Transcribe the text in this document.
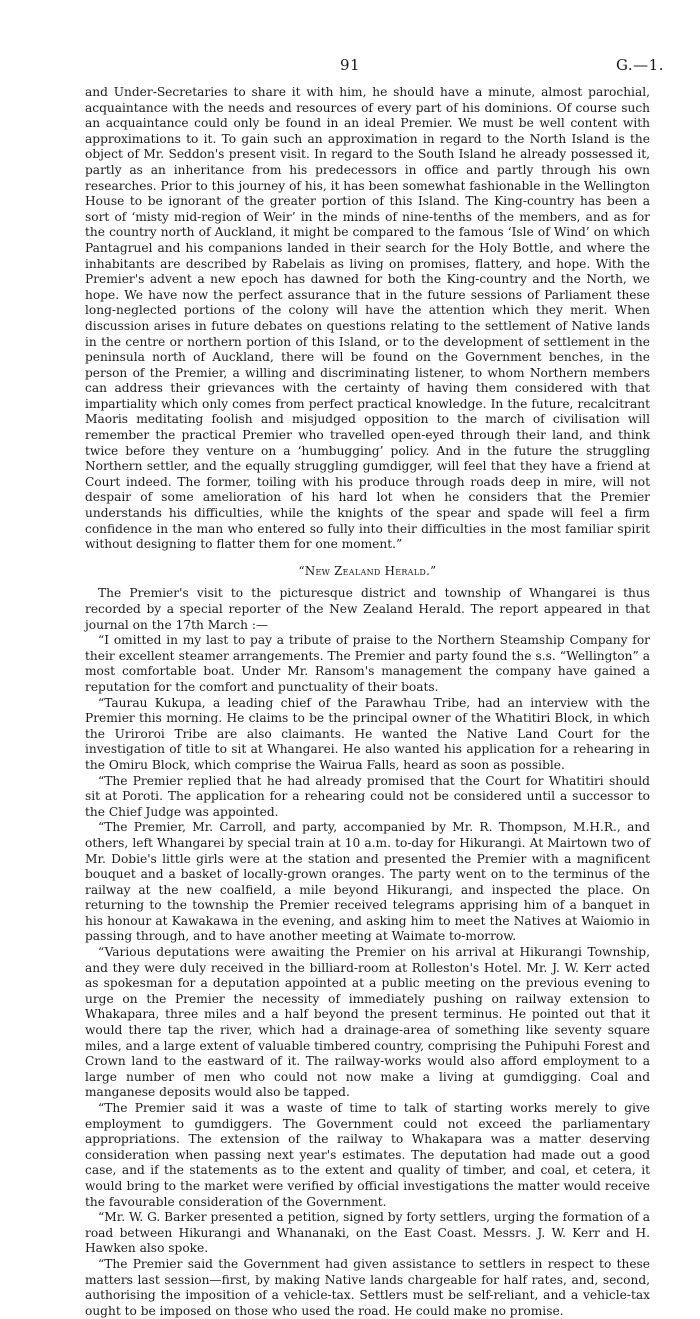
91	G.—1.

and Under-Secretaries to share it with him, he should have a minute, almost parochial, acquaintance with the needs and resources of every part of his dominions. Of course such an acquaintance could only be found in an ideal Premier. We must be well content with approximations to it. To gain such an approximation in regard to the North Island is the object of Mr. Seddon's present visit. In regard to the South Island he already possessed it, partly as an inheritance from his predecessors in office and partly through his own researches. Prior to this journey of his, it has been somewhat fashionable in the Wellington House to be ignorant of the greater portion of this Island. The King-country has been a sort of ‘misty mid-region of Weir’ in the minds of nine-tenths of the members, and as for the country north of Auckland, it might be compared to the famous ‘Isle of Wind’ on which Pantagruel and his companions landed in their search for the Holy Bottle, and where the inhabitants are described by Rabelais as living on promises, flattery, and hope. With the Premier's advent a new epoch has dawned for both the King-country and the North, we hope. We have now the perfect assurance that in the future sessions of Parliament these long-neglected portions of the colony will have the attention which they merit. When discussion arises in future debates on questions relating to the settlement of Native lands in the centre or northern portion of this Island, or to the development of settlement in the peninsula north of Auckland, there will be found on the Government benches, in the person of the Premier, a willing and discriminating listener, to whom Northern members can address their grievances with the certainty of having them considered with that impartiality which only comes from perfect practical knowledge. In the future, recalcitrant Maoris meditating foolish and misjudged opposition to the march of civilisation will remember the practical Premier who travelled open-eyed through their land, and think twice before they venture on a ‘humbugging’ policy. And in the future the struggling Northern settler, and the equally struggling gumdigger, will feel that they have a friend at Court indeed. The former, toiling with his produce through roads deep in mire, will not despair of some amelioration of his hard lot when he considers that the Premier understands his difficulties, while the knights of the spear and spade will feel a firm confidence in the man who entered so fully into their difficulties in the most familiar spirit without designing to flatter them for one moment.”

“New Zealand Herald.”

The Premier's visit to the picturesque district and township of Whangarei is thus recorded by a special reporter of the New Zealand Herald. The report appeared in that journal on the 17th March :—

“I omitted in my last to pay a tribute of praise to the Northern Steamship Company for their excellent steamer arrangements. The Premier and party found the s.s. “Wellington” a most comfortable boat. Under Mr. Ransom's management the company have gained a reputation for the comfort and punctuality of their boats.

“Taurau Kukupa, a leading chief of the Parawhau Tribe, had an interview with the Premier this morning. He claims to be the principal owner of the Whatitiri Block, in which the Uriroroi Tribe are also claimants. He wanted the Native Land Court for the investigation of title to sit at Whangarei. He also wanted his application for a rehearing in the Omiru Block, which comprise the Wairua Falls, heard as soon as possible.

“The Premier replied that he had already promised that the Court for Whatitiri should sit at Poroti. The application for a rehearing could not be considered until a successor to the Chief Judge was appointed.

“The Premier, Mr. Carroll, and party, accompanied by Mr. R. Thompson, M.H.R., and others, left Whangarei by special train at 10 a.m. to-day for Hikurangi. At Mairtown two of Mr. Dobie's little girls were at the station and presented the Premier with a magnificent bouquet and a basket of locally-grown oranges. The party went on to the terminus of the railway at the new coalfield, a mile beyond Hikurangi, and inspected the place. On returning to the township the Premier received telegrams apprising him of a banquet in his honour at Kawakawa in the evening, and asking him to meet the Natives at Waiomio in passing through, and to have another meeting at Waimate to-morrow.

“Various deputations were awaiting the Premier on his arrival at Hikurangi Township, and they were duly received in the billiard-room at Rolleston's Hotel. Mr. J. W. Kerr acted as spokesman for a deputation appointed at a public meeting on the previous evening to urge on the Premier the necessity of immediately pushing on railway extension to Whakapara, three miles and a half beyond the present terminus. He pointed out that it would there tap the river, which had a drainage-area of something like seventy square miles, and a large extent of valuable timbered country, comprising the Puhipuhi Forest and Crown land to the eastward of it. The railway-works would also afford employment to a large number of men who could not now make a living at gumdigging. Coal and manganese deposits would also be tapped.

“The Premier said it was a waste of time to talk of starting works merely to give employment to gumdiggers. The Government could not exceed the parliamentary appropriations. The extension of the railway to Whakapara was a matter deserving consideration when passing next year's estimates. The deputation had made out a good case, and if the statements as to the extent and quality of timber, and coal, et cetera, it would bring to the market were verified by official investigations the matter would receive the favourable consideration of the Government.

“Mr. W. G. Barker presented a petition, signed by forty settlers, urging the formation of a road between Hikurangi and Whananaki, on the East Coast. Messrs. J. W. Kerr and H. Hawken also spoke.

“The Premier said the Government had given assistance to settlers in respect to these matters last session—first, by making Native lands chargeable for half rates, and, second, authorising the imposition of a vehicle-tax. Settlers must be self-reliant, and a vehicle-tax ought to be imposed on those who used the road. He could make no promise.
